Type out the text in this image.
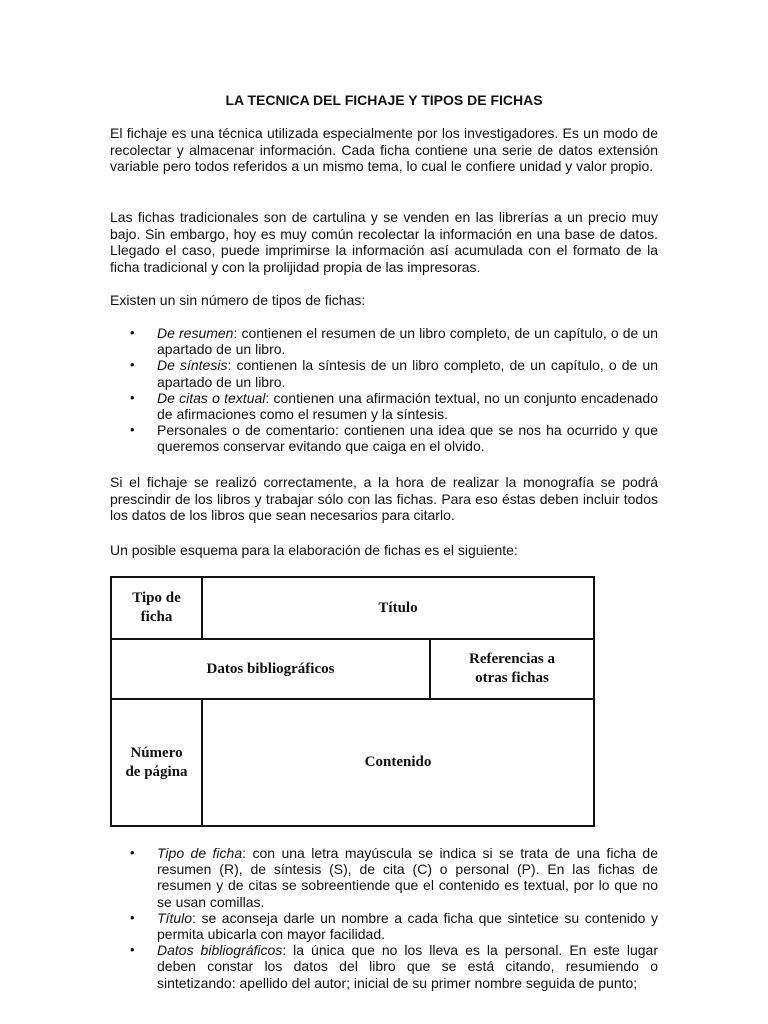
LA TECNICA DEL FICHAJE Y TIPOS DE FICHAS

El fichaje es una técnica utilizada especialmente por los investigadores. Es un modo de recolectar y almacenar información. Cada ficha contiene una serie de datos extensión variable pero todos referidos a un mismo tema, lo cual le confiere unidad y valor propio.

Las fichas tradicionales son de cartulina y se venden en las librerías a un precio muy bajo. Sin embargo, hoy es muy común recolectar la información en una base de datos. Llegado el caso, puede imprimirse la información así acumulada con el formato de la ficha tradicional y con la prolijidad propia de las impresoras.

Existen un sin número de tipos de fichas:

• De resumen: contienen el resumen de un libro completo, de un capítulo, o de un apartado de un libro.
• De síntesis: contienen la síntesis de un libro completo, de un capítulo, o de un apartado de un libro.
• De citas o textual: contienen una afirmación textual, no un conjunto encadenado de afirmaciones como el resumen y la síntesis.
• Personales o de comentario: contienen una idea que se nos ha ocurrido y que queremos conservar evitando que caiga en el olvido.

Si el fichaje se realizó correctamente, a la hora de realizar la monografía se podrá prescindir de los libros y trabajar sólo con las fichas. Para eso éstas deben incluir todos los datos de los libros que sean necesarios para citarlo.

Un posible esquema para la elaboración de fichas es el siguiente:

Tipo de
ficha
Título
Datos bibliográficos
Referencias a
otras fichas
Número
de página
Contenido
• Tipo de ficha: con una letra mayúscula se indica si se trata de una ficha de resumen (R), de síntesis (S), de cita (C) o personal (P). En las fichas de resumen y de citas se sobreentiende que el contenido es textual, por lo que no se usan comillas.
• Título: se aconseja darle un nombre a cada ficha que sintetice su contenido y permita ubicarla con mayor facilidad.
• Datos bibliográficos: la única que no los lleva es la personal. En este lugar deben constar los datos del libro que se está citando, resumiendo o sintetizando: apellido del autor; inicial de su primer nombre seguida de punto;
